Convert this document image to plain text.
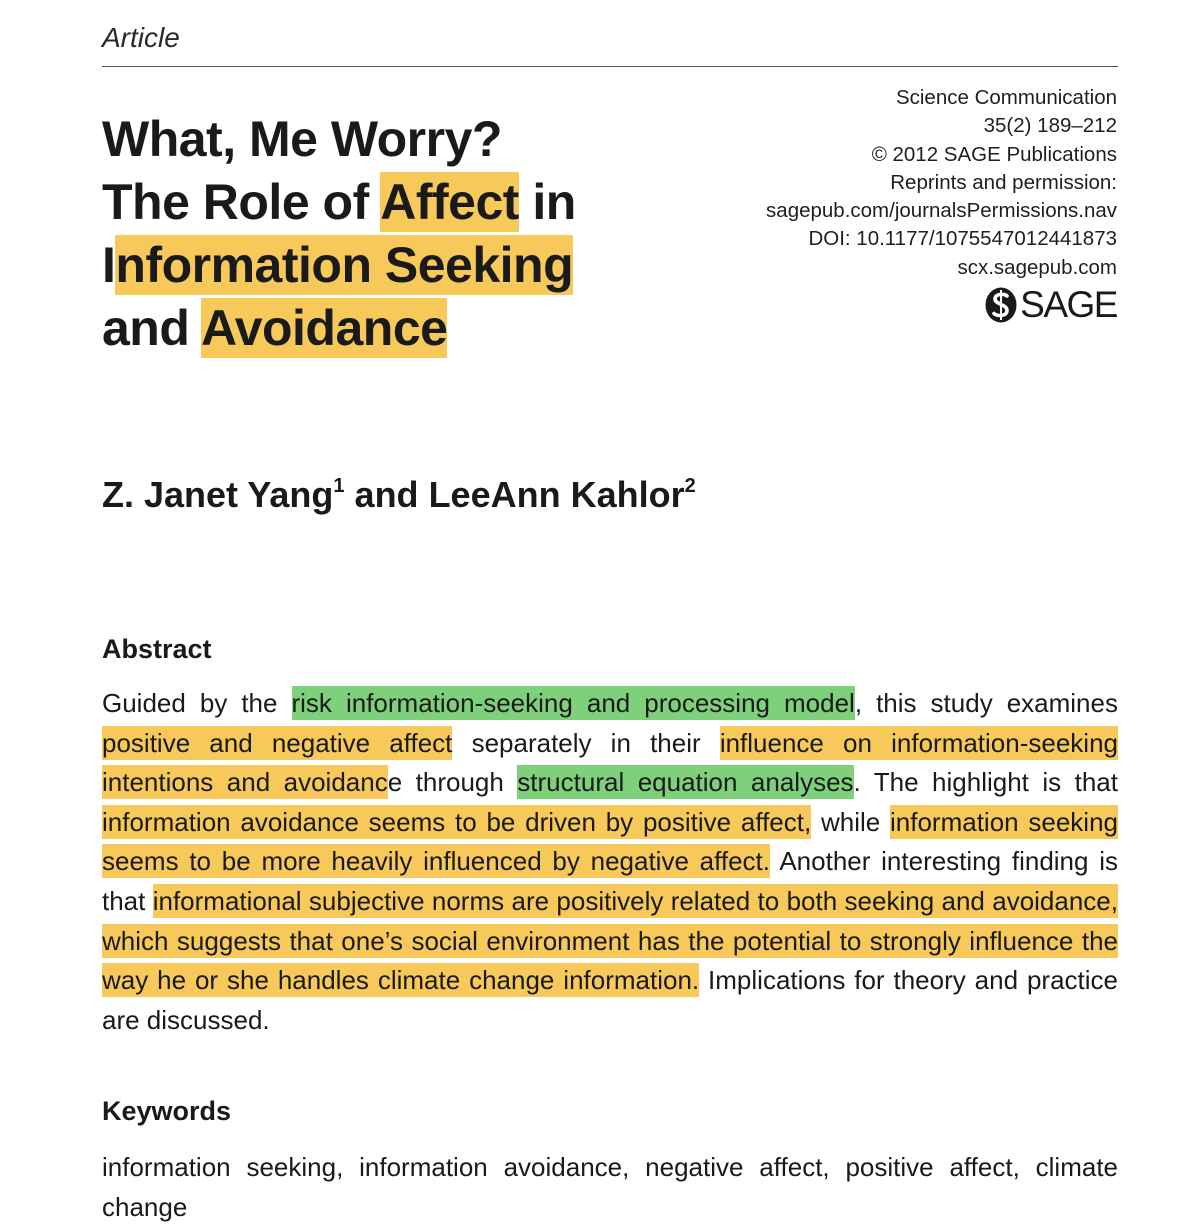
Article
What, Me Worry?
The Role of Affect in
Information Seeking
and Avoidance
Science Communication
35(2) 189–212
© 2012 SAGE Publications
Reprints and permission:
sagepub.com/journalsPermissions.nav
DOI: 10.1177/1075547012441873
scx.sagepub.com
SAGE
Z. Janet Yang$^1$ and LeeAnn Kahlor$^2$
Abstract
Guided by the risk information-seeking and processing model, this study examines positive and negative affect separately in their influence on information-seeking intentions and avoidance through structural equation analyses. The highlight is that information avoidance seems to be driven by positive affect, while information seeking seems to be more heavily influenced by negative affect. Another interesting finding is that informational subjective norms are positively related to both seeking and avoidance, which suggests that one’s social environment has the potential to strongly influence the way he or she handles climate change information. Implications for theory and practice are discussed.
Keywords
information seeking, information avoidance, negative affect, positive affect, climate change
